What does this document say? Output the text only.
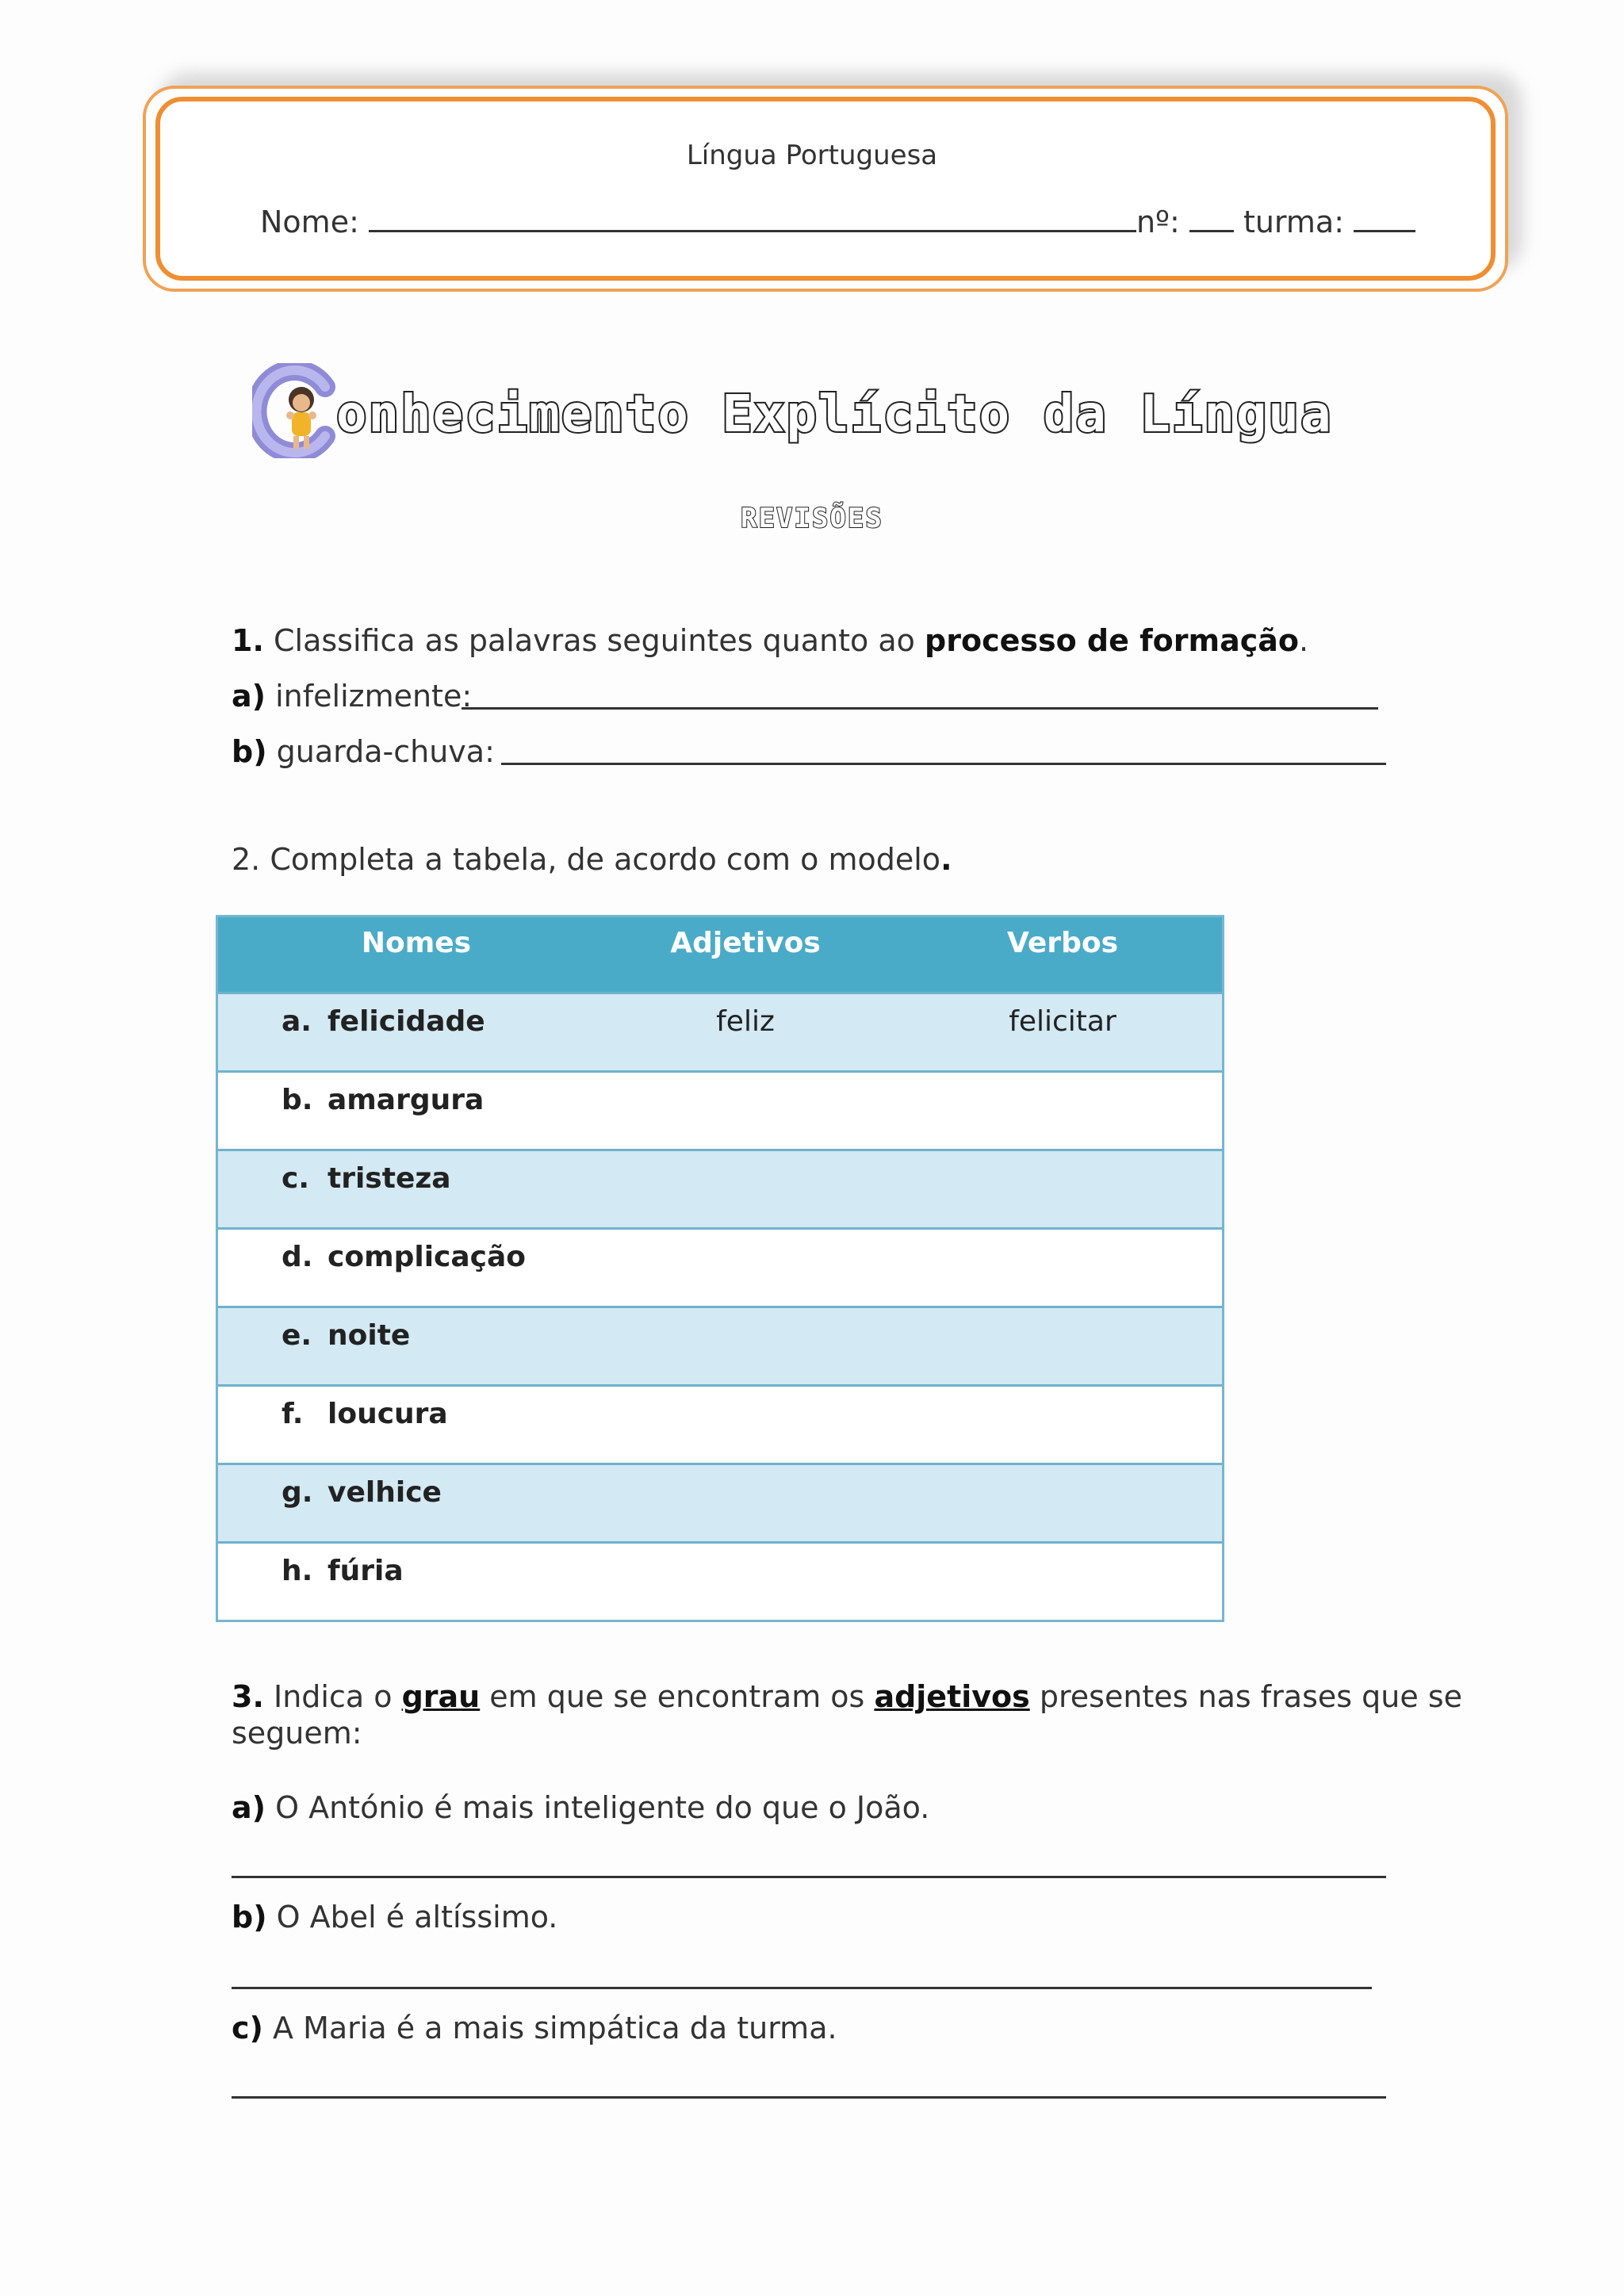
Língua Portuguesa
Nome:	nº: turma:
onhecimento Explícito da Língua
REVISÕES
1. Classifica as palavras seguintes quanto ao processo de formação.
a) infelizmente:
b) guarda-chuva:
2. Completa a tabela, de acordo com o modelo.
Nomes	Adjetivos	Verbos
a. felicidade	feliz	felicitar
b. amargura
c. tristeza
d. complicação
e. noite
f. loucura
g. velhice
h. fúria
3. Indica o grau em que se encontram os adjetivos presentes nas frases que se
seguem:
a) O António é mais inteligente do que o João.
b) O Abel é altíssimo.
c) A Maria é a mais simpática da turma.
